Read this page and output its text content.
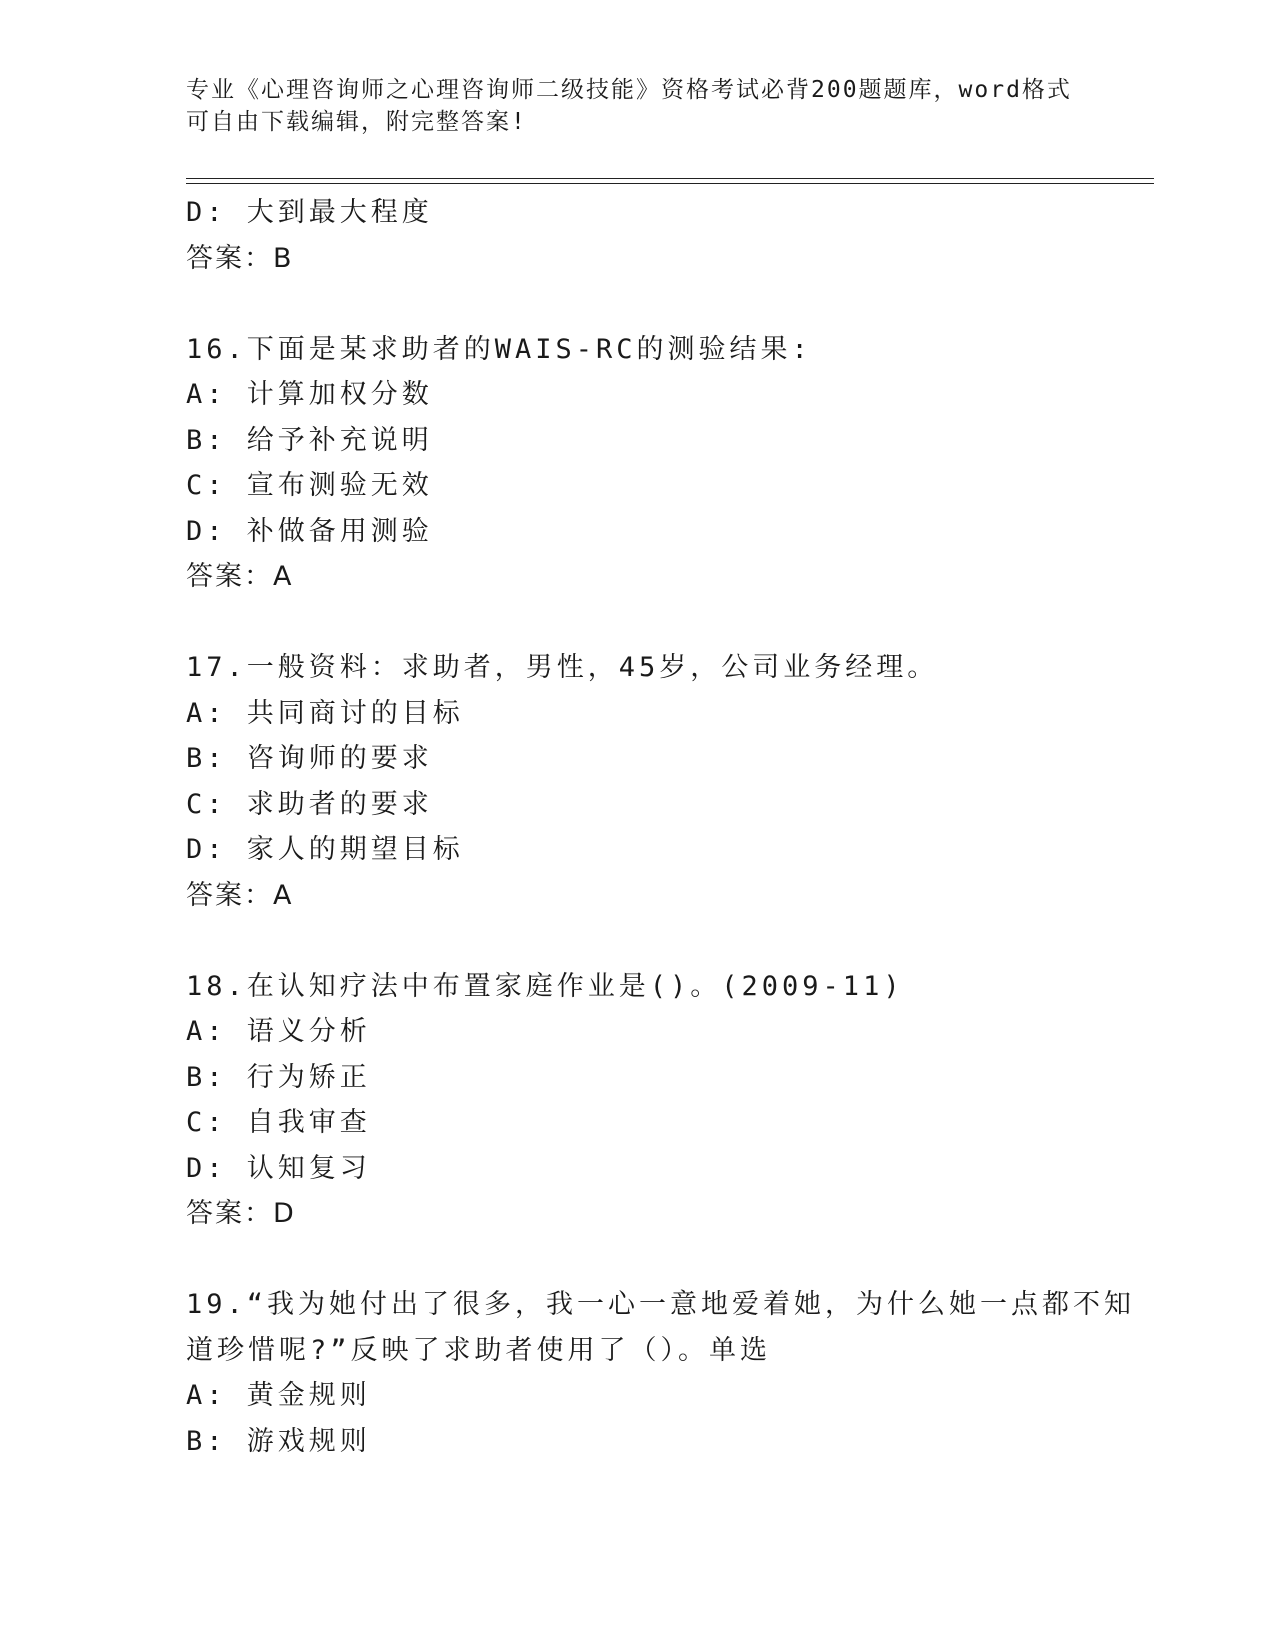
专业《心理咨询师之心理咨询师二级技能》资格考试必背200题题库，word格式
可自由下载编辑，附完整答案!
D: 大到最大程度
答案：B
16.下面是某求助者的WAIS-RC的测验结果:
A: 计算加权分数
B: 给予补充说明
C: 宣布测验无效
D: 补做备用测验
答案：A
17.一般资料：求助者，男性，45岁，公司业务经理。
A: 共同商讨的目标
B: 咨询师的要求
C: 求助者的要求
D: 家人的期望目标
答案：A
18.在认知疗法中布置家庭作业是()。(2009-11)
A: 语义分析
B: 行为矫正
C: 自我审查
D: 认知复习
答案：D
19.“我为她付出了很多，我一心一意地爱着她，为什么她一点都不知
道珍惜呢?”反映了求助者使用了（）。单选
A: 黄金规则
B: 游戏规则
